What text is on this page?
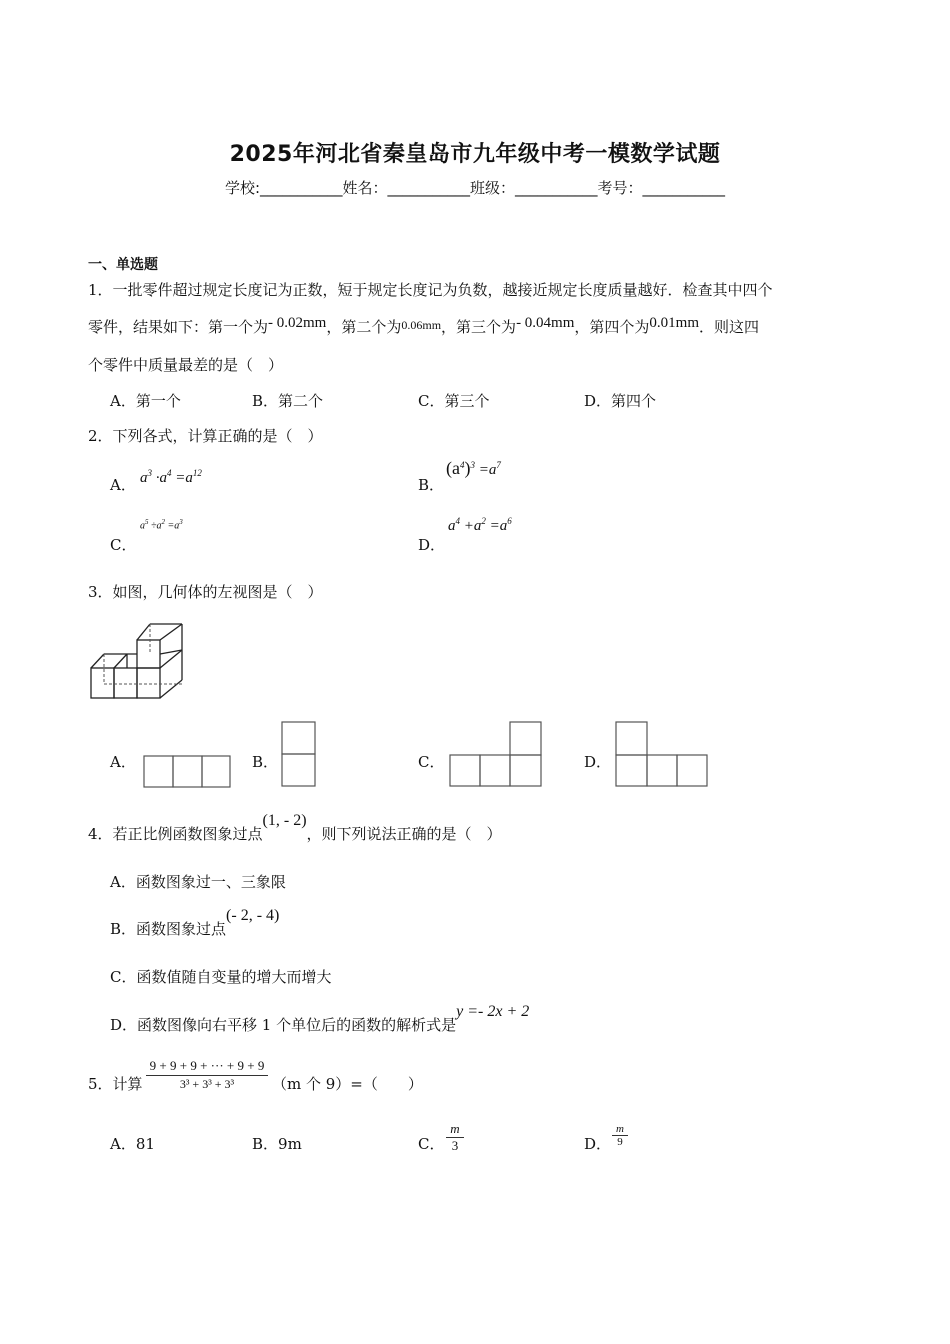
2025年河北省秦皇岛市九年级中考一模数学试题
学校:___________姓名：___________班级：___________考号：___________
一、单选题
1．一批零件超过规定长度记为正数，短于规定长度记为负数，越接近规定长度质量越好．检查其中四个
零件，结果如下：第一个为- 0.02mm，第二个为$^{0.06mm}$，第三个为- 0.04mm，第四个为0.01mm．则这四
个零件中质量最差的是（　）
A．第一个	B．第二个	C．第三个	D．第四个
2．下列各式，计算正确的是（　）
A． $a^3 \cdot a^4 =a^{12}$
B．
$(a^4)^3 =a^7$
C．
$a^5 \div a^2 =a^3$
D．
$a^4 +a^2 =a^6$
3．如图，几何体的左视图是（　）
A．	B．	C．	D．
4．若正比例函数图象过点(1, - 2)，则下列说法正确的是（　）
A．函数图象过一、三象限
B．函数图象过点(- 2, - 4)
C．函数值随自变量的增大而增大
D．函数图像向右平移 1 个单位后的函数的解析式是y =- 2x + 2
5．计算 $\frac{9 + 9 + 9 + \cdot\cdot\cdot + 9 + 9}{\text{3³ + 3³ + 3³}} (m$ 个 9）=（　　）
A．81	B．9m	C．
m
3	D．
m
9
